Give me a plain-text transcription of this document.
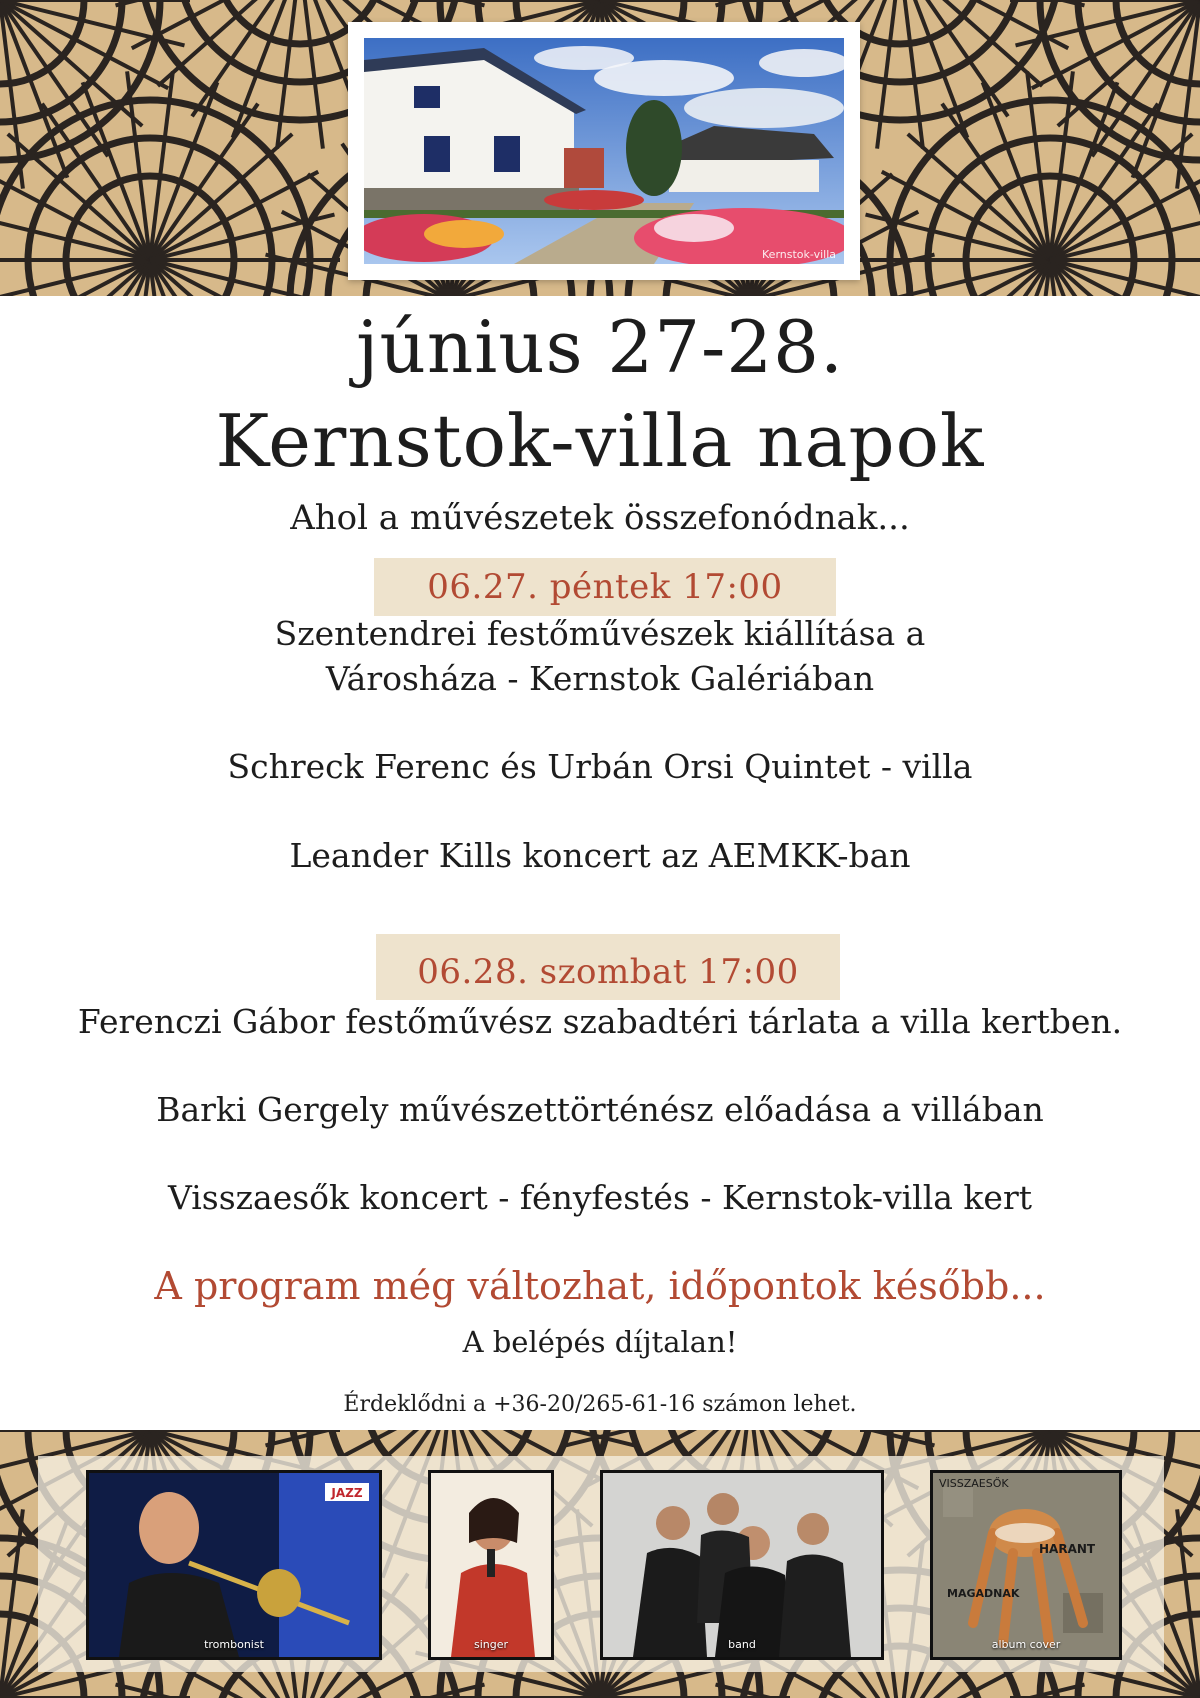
Kernstok-villa
június 27-28.
Kernstok-villa napok
Ahol a művészetek összefonódnak...
06.27. péntek 17:00
Szentendrei festőművészek kiállítása a
Városháza - Kernstok Galériában
Schreck Ferenc és Urbán Orsi Quintet - villa
Leander Kills koncert az AEMKK-ban
06.28. szombat 17:00
Ferenczi Gábor festőművész szabadtéri tárlata a villa kertben.
Barki Gergely művészettörténész előadása a villában
Visszaesők koncert - fényfestés - Kernstok-villa kert
A program még változhat, időpontok később...
A belépés díjtalan!
Érdeklődni a +36-20/265-61-16 számon lehet.
JAZZ
trombonist	singer	band
VISSZAESŐK
HARANT
MAGADNAK
album cover
